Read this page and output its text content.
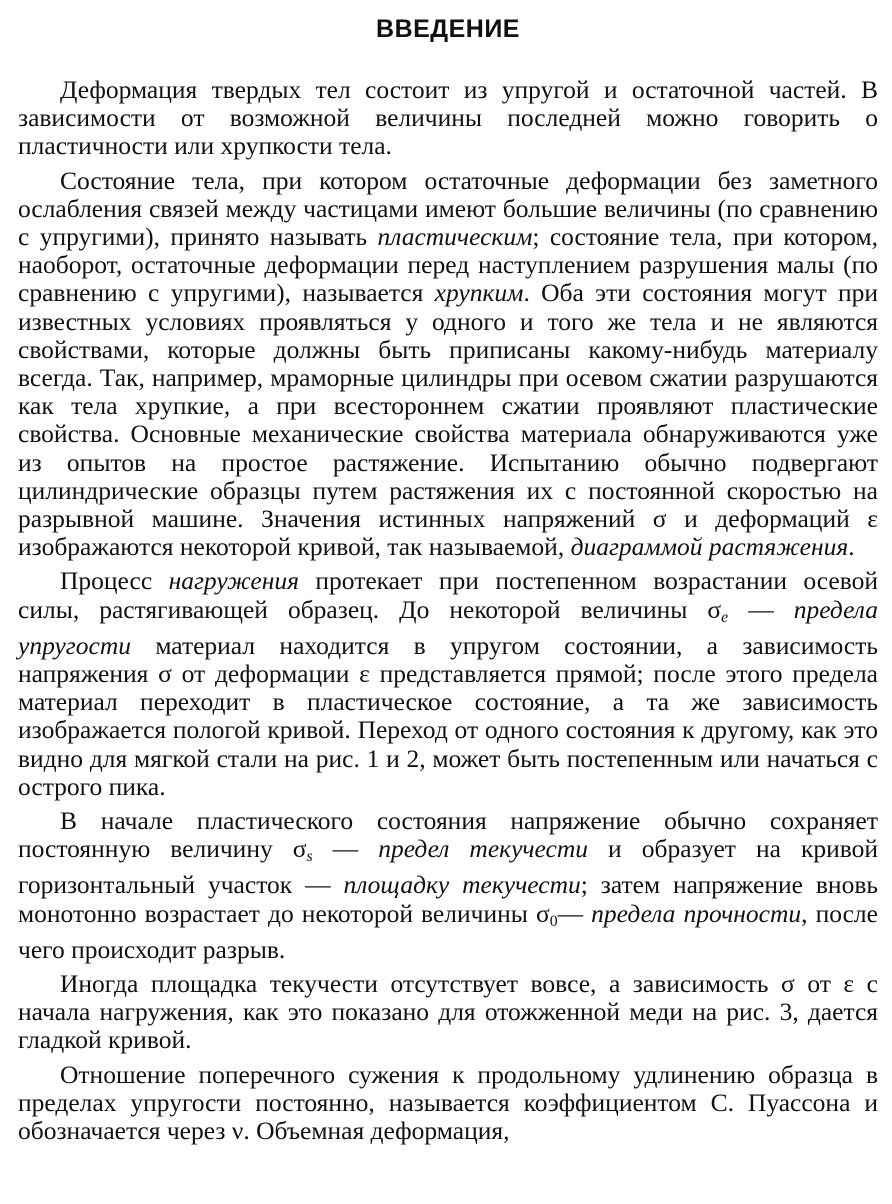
ВВЕДЕНИЕ

Деформация твердых тел состоит из упругой и остаточной частей. В зависимости от возможной величины последней можно говорить о пластичности или хрупкости тела.

Состояние тела, при котором остаточные деформации без заметного ослабления связей между частицами имеют большие величины (по сравнению с упругими), принято называть пластическим; состояние тела, при котором, наоборот, остаточные деформации перед наступлением разрушения малы (по сравнению с упругими), называется хрупким. Оба эти состояния могут при известных условиях проявляться у одного и того же тела и не являются свойствами, которые должны быть приписаны какому-нибудь материалу всегда. Так, например, мраморные цилиндры при осевом сжатии разрушаются как тела хрупкие, а при всестороннем сжатии проявляют пластические свойства. Основные механические свойства материала обнаруживаются уже из опытов на простое растяжение. Испытанию обычно подвергают цилиндрические образцы путем растяжения их с постоянной скоростью на разрывной машине. Значения истинных напряжений σ и деформаций ε изображаются некоторой кривой, так называемой, диаграммой растяжения.

Процесс нагружения протекает при постепенном возрастании осевой силы, растягивающей образец. До некоторой величины $\sigma_e$ — предела упругости материал находится в упругом состоянии, а зависимость напряжения σ от деформации ε представляется прямой; после этого предела материал переходит в пластическое состояние, а та же зависимость изображается пологой кривой. Переход от одного состояния к другому, как это видно для мягкой стали на рис. 1 и 2, может быть постепенным или начаться с острого пика.

В начале пластического состояния напряжение обычно сохраняет постоянную величину $\sigma_s$ — предел текучести и образует на кривой горизонтальный участок — площадку текучести; затем напряжение вновь монотонно возрастает до некоторой величины σ0— предела прочности, после чего происходит разрыв.

Иногда площадка текучести отсутствует вовсе, а зависимость σ от ε с начала нагружения, как это показано для отожженной меди на рис. 3, дается гладкой кривой.

Отношение поперечного сужения к продольному удлинению образца в пределах упругости постоянно, называется коэффициентом С. Пуассона и обозначается через ν. Объемная деформация,
